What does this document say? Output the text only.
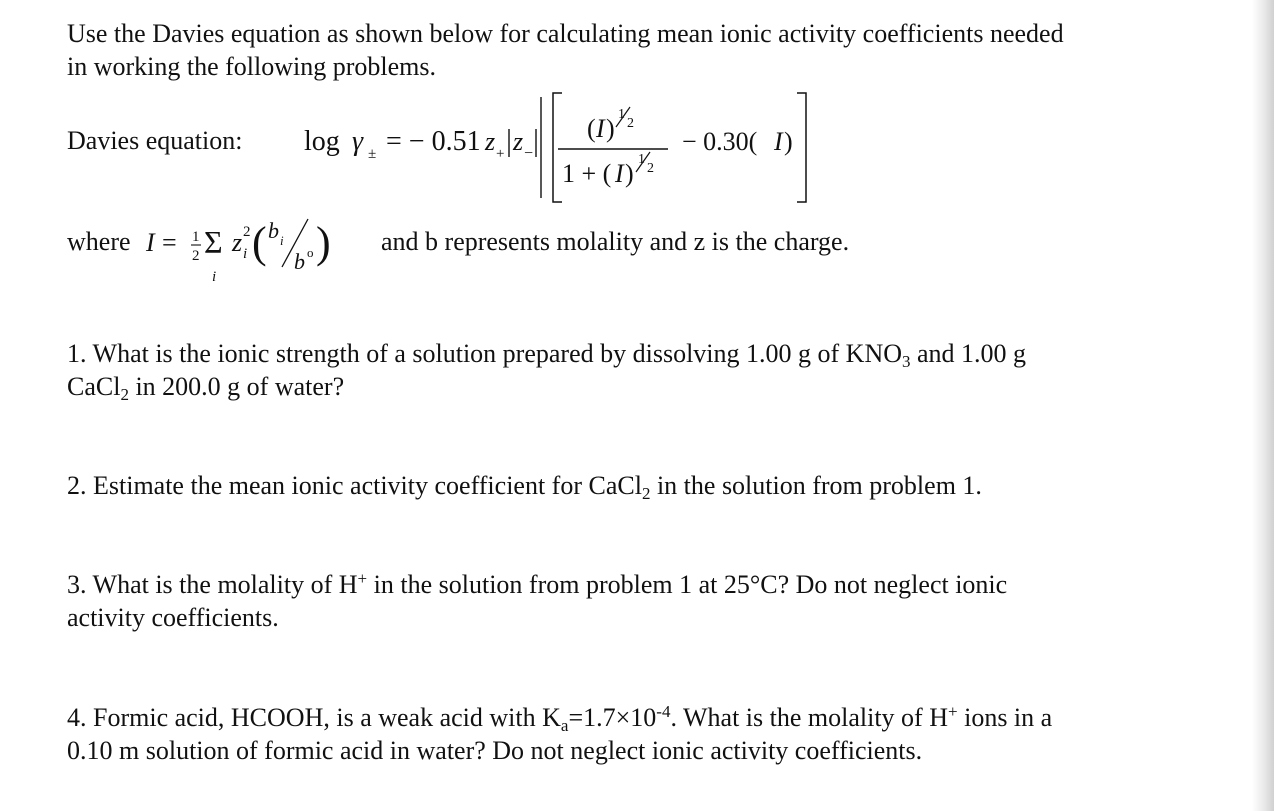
Use the Davies equation as shown below for calculating mean ionic activity coefficients needed
in working the following problems.

Davies equation: log γ ± = − 0.51 z + z −
( I ) 1
2
1 + ( I ) 1
2
− 0.30( I )
where I = 1
2 Σ
i
z 2
i ( b i
b o ) and b represents molality and z is the charge.

1. What is the ionic strength of a solution prepared by dissolving 1.00 g of $KNO_3$ and 1.00 g
CaCl$_2$ in 200.0 g of water?

2. Estimate the mean ionic activity coefficient for CaCl$_2$ in the solution from problem 1.

3. What is the molality of H+ in the solution from problem 1 at 25°C? Do not neglect ionic
activity coefficients.

4. Formic acid, HCOOH, is a weak acid with $K_a=1.7\times 10^{-4}$. What is the molality of H+ ions in a
0.10 m solution of formic acid in water? Do not neglect ionic activity coefficients.
